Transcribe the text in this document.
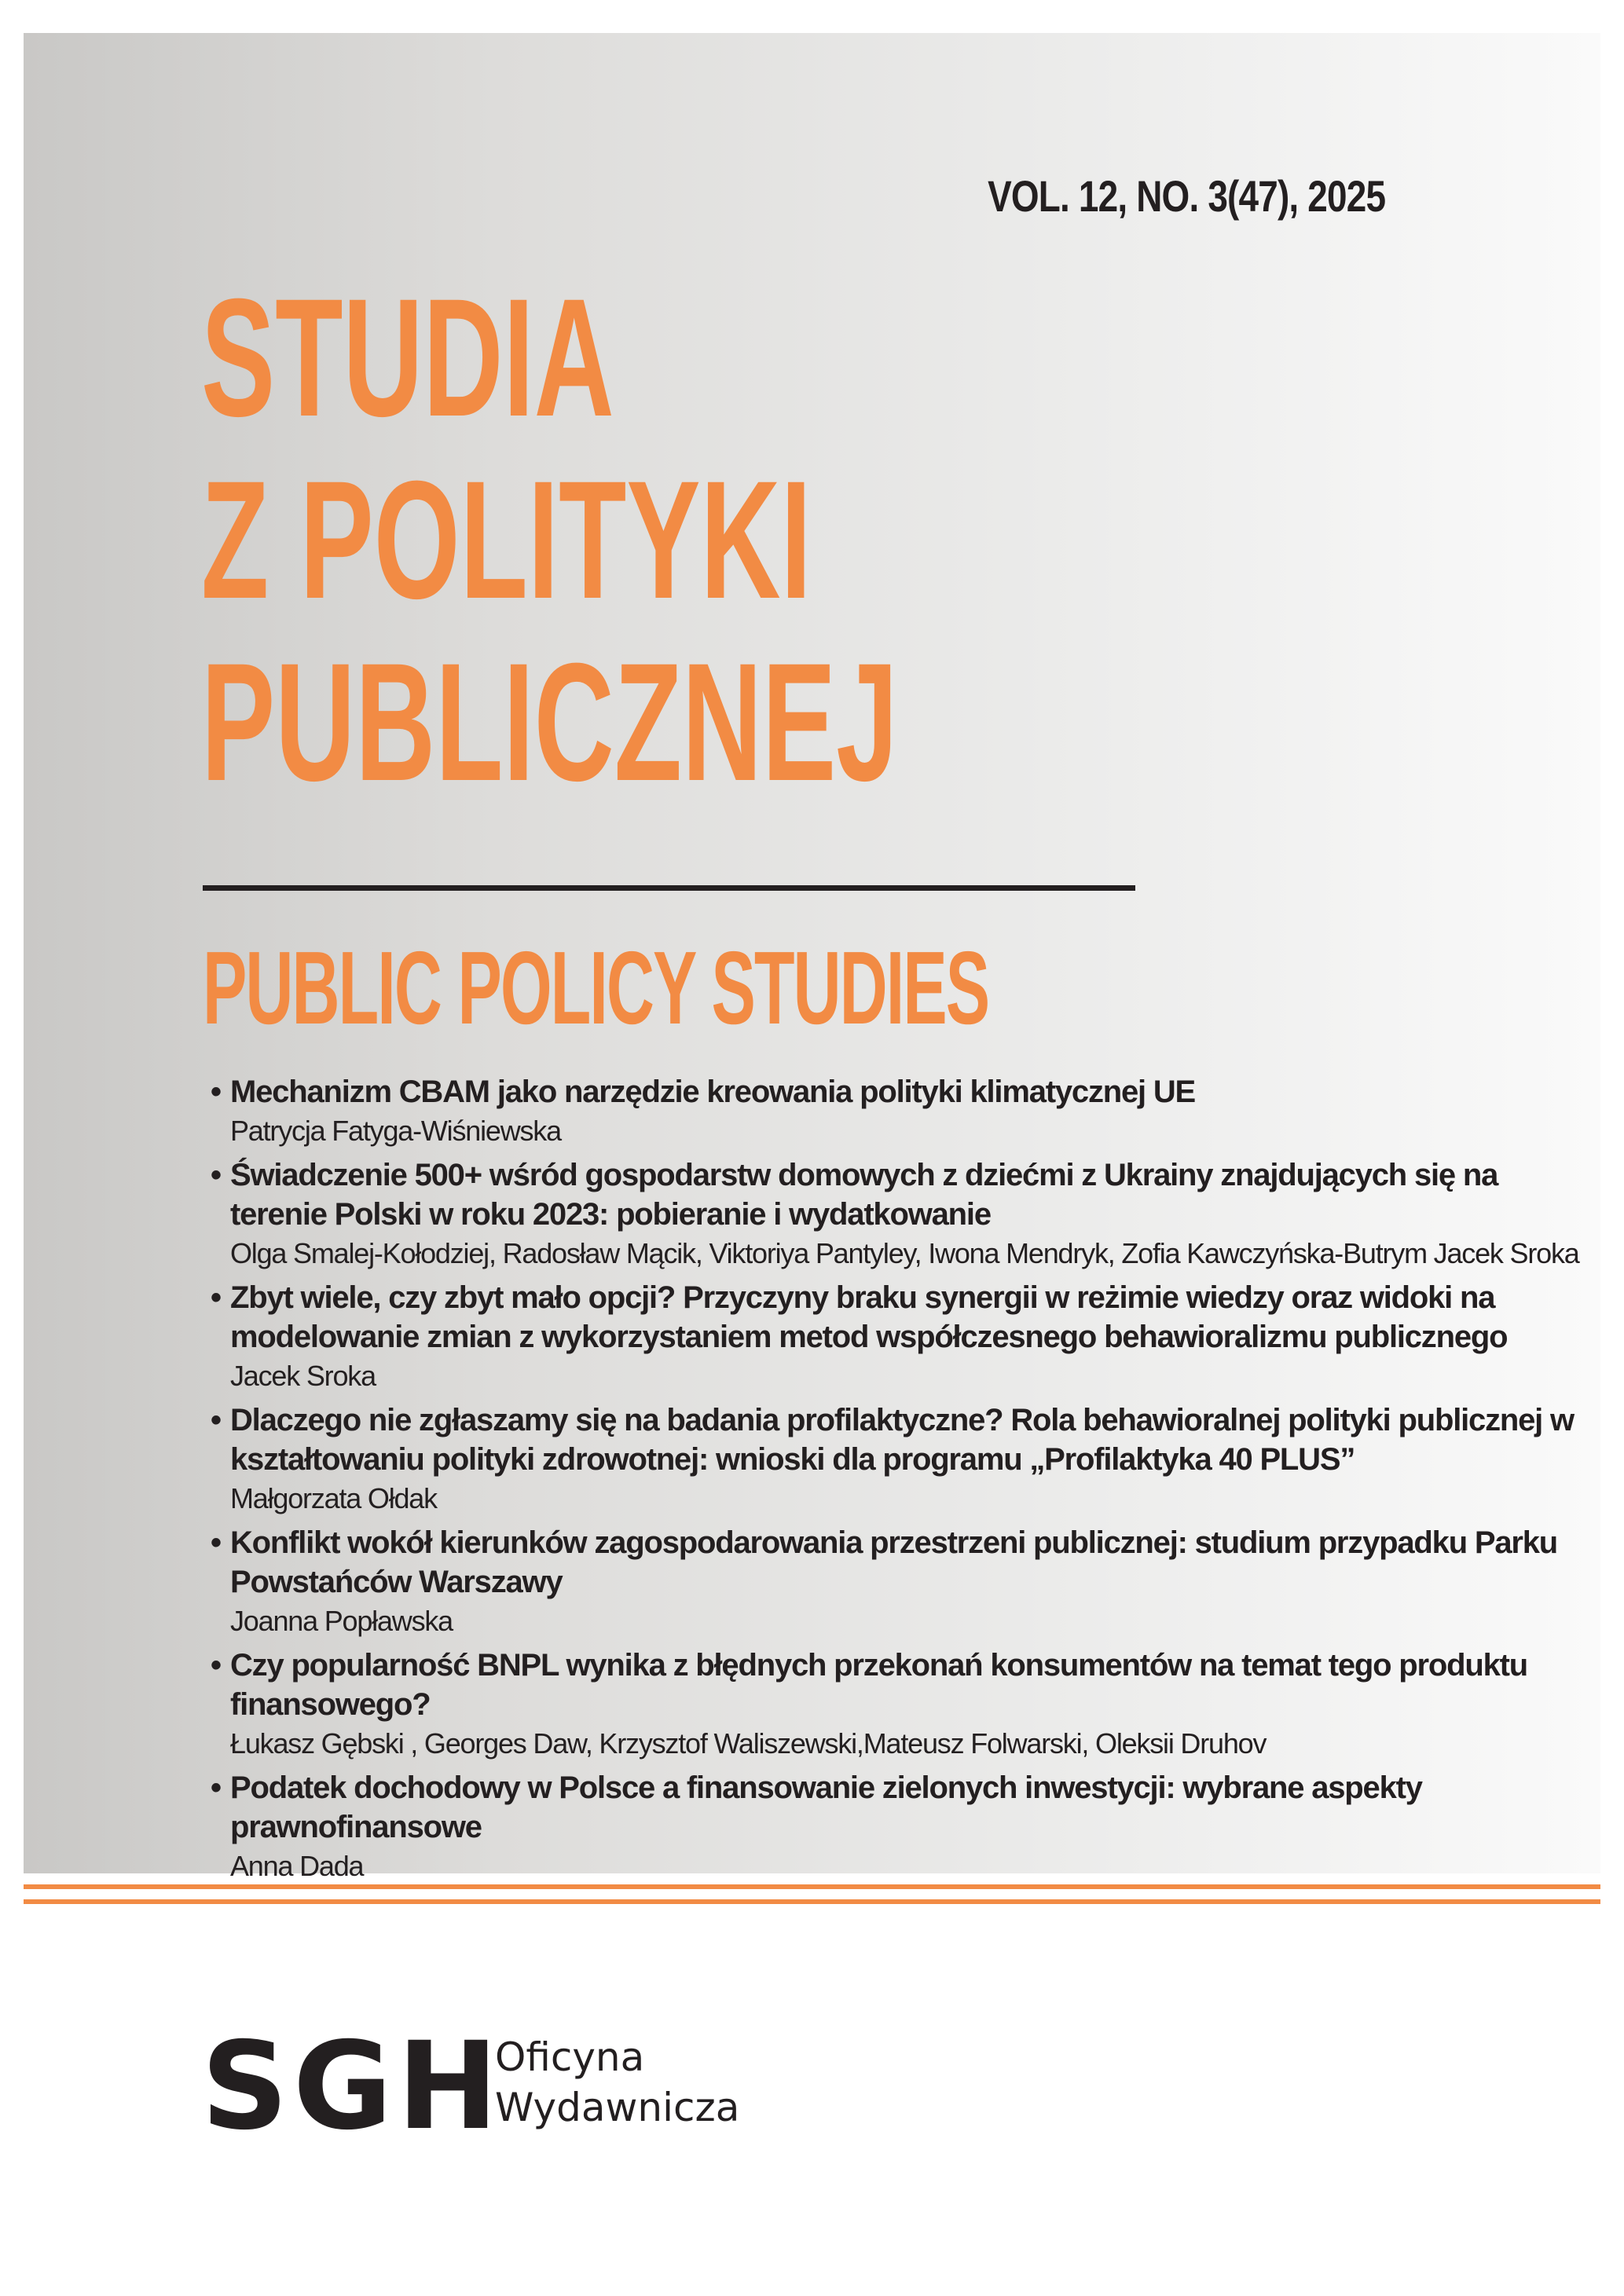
VOL. 12, NO. 3(47), 2025
STUDIA
Z POLITYKI
PUBLICZNEJ
PUBLIC POLICY STUDIES
• Mechanizm CBAM jako narzędzie kreowania polityki klimatycznej UE
Patrycja Fatyga-Wiśniewska
• Świadczenie 500+ wśród gospodarstw domowych z dziećmi z Ukrainy znajdujących się na terenie Polski w roku 2023: pobieranie i wydatkowanie
Olga Smalej-Kołodziej, Radosław Mącik, Viktoriya Pantyley, Iwona Mendryk, Zofia Kawczyńska-Butrym Jacek Sroka
• Zbyt wiele, czy zbyt mało opcji? Przyczyny braku synergii w reżimie wiedzy oraz widoki na modelowanie zmian z wykorzystaniem metod współczesnego behawioralizmu publicznego
Jacek Sroka
• Dlaczego nie zgłaszamy się na badania profilaktyczne? Rola behawioralnej polityki publicznej w kształtowaniu polityki zdrowotnej: wnioski dla programu „Profilaktyka 40 PLUS”
Małgorzata Ołdak
• Konflikt wokół kierunków zagospodarowania przestrzeni publicznej: studium przypadku Parku Powstańców Warszawy
Joanna Popławska
• Czy popularność BNPL wynika z błędnych przekonań konsumentów na temat tego produktu finansowego?
Łukasz Gębski , Georges Daw, Krzysztof Waliszewski,Mateusz Folwarski, Oleksii Druhov
• Podatek dochodowy w Polsce a finansowanie zielonych inwestycji: wybrane aspekty prawnofinansowe
Anna Dada
SGH
Oficyna
Wydawnicza
